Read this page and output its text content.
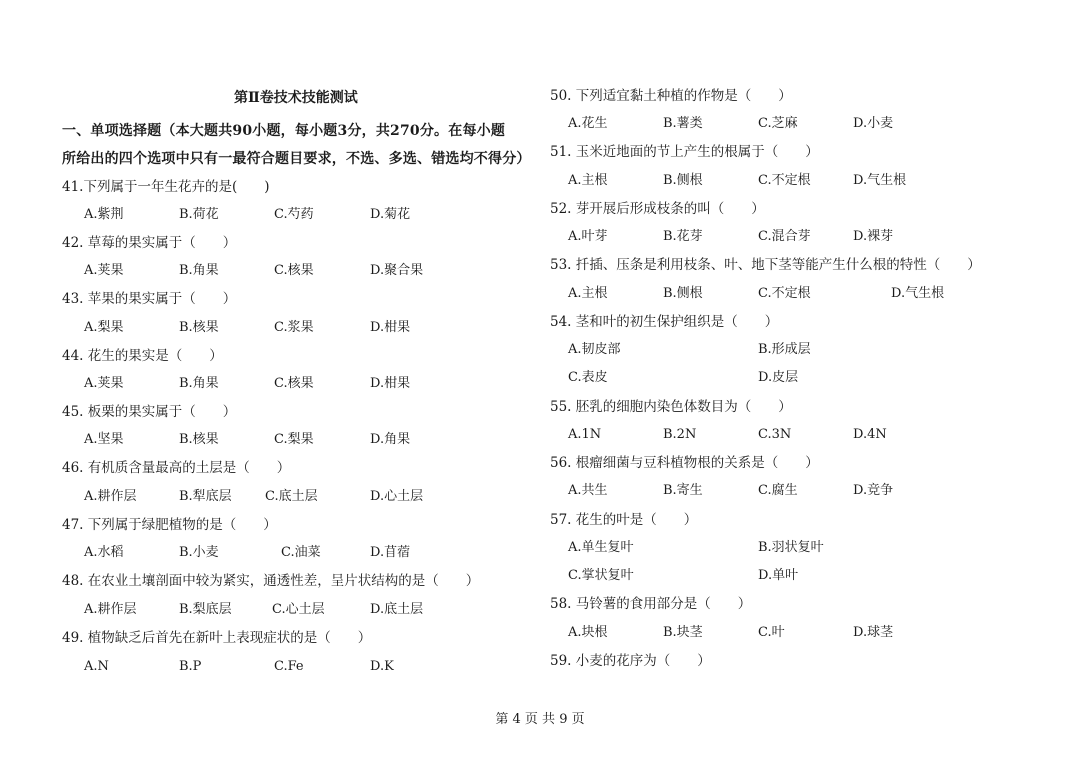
第Ⅱ卷技术技能测试
一、单项选择题（本大题共90小题，每小题3分，共270分。在每小题
所给出的四个选项中只有一最符合题目要求，不选、多选、错选均不得分）
41.下列属于一年生花卉的是(　　)
A.紫荆	B.荷花	C.芍药	D.菊花
42. 草莓的果实属于（　　）
A.荚果	B.角果	C.核果	D.聚合果
43. 苹果的果实属于（　　）
A.梨果	B.核果	C.浆果	D.柑果
44. 花生的果实是（　　）
A.荚果	B.角果	C.核果	D.柑果
45. 板栗的果实属于（　　）
A.坚果	B.核果	C.梨果	D.角果
46. 有机质含量最高的土层是（　　）
A.耕作层	B.犁底层	C.底土层	D.心土层
47. 下列属于绿肥植物的是（　　）
A.水稻	B.小麦	C.油菜	D.苜蓿
48. 在农业土壤剖面中较为紧实，通透性差，呈片状结构的是（　　）
A.耕作层	B.梨底层	C.心土层	D.底土层
49. 植物缺乏后首先在新叶上表现症状的是（　　）
A.N	B.P	C.Fe	D.K
50. 下列适宜黏土种植的作物是（　　）
A.花生	B.薯类	C.芝麻	D.小麦
51. 玉米近地面的节上产生的根属于（　　）
A.主根	B.侧根	C.不定根	D.气生根
52. 芽开展后形成枝条的叫（　　）
A.叶芽	B.花芽	C.混合芽	D.裸芽
53. 扦插、压条是利用枝条、叶、地下茎等能产生什么根的特性（　　）
A.主根	B.侧根	C.不定根	D.气生根
54. 茎和叶的初生保护组织是（　　）
A.韧皮部	B.形成层
C.表皮	D.皮层
55. 胚乳的细胞内染色体数目为（　　）
A.1N	B.2N	C.3N	D.4N
56. 根瘤细菌与豆科植物根的关系是（　　）
A.共生	B.寄生	C.腐生	D.竞争
57. 花生的叶是（　　）
A.单生复叶	B.羽状复叶
C.掌状复叶	D.单叶
58. 马铃薯的食用部分是（　　）
A.块根	B.块茎	C.叶	D.球茎
59. 小麦的花序为（　　）
第 4 页 共 9 页
